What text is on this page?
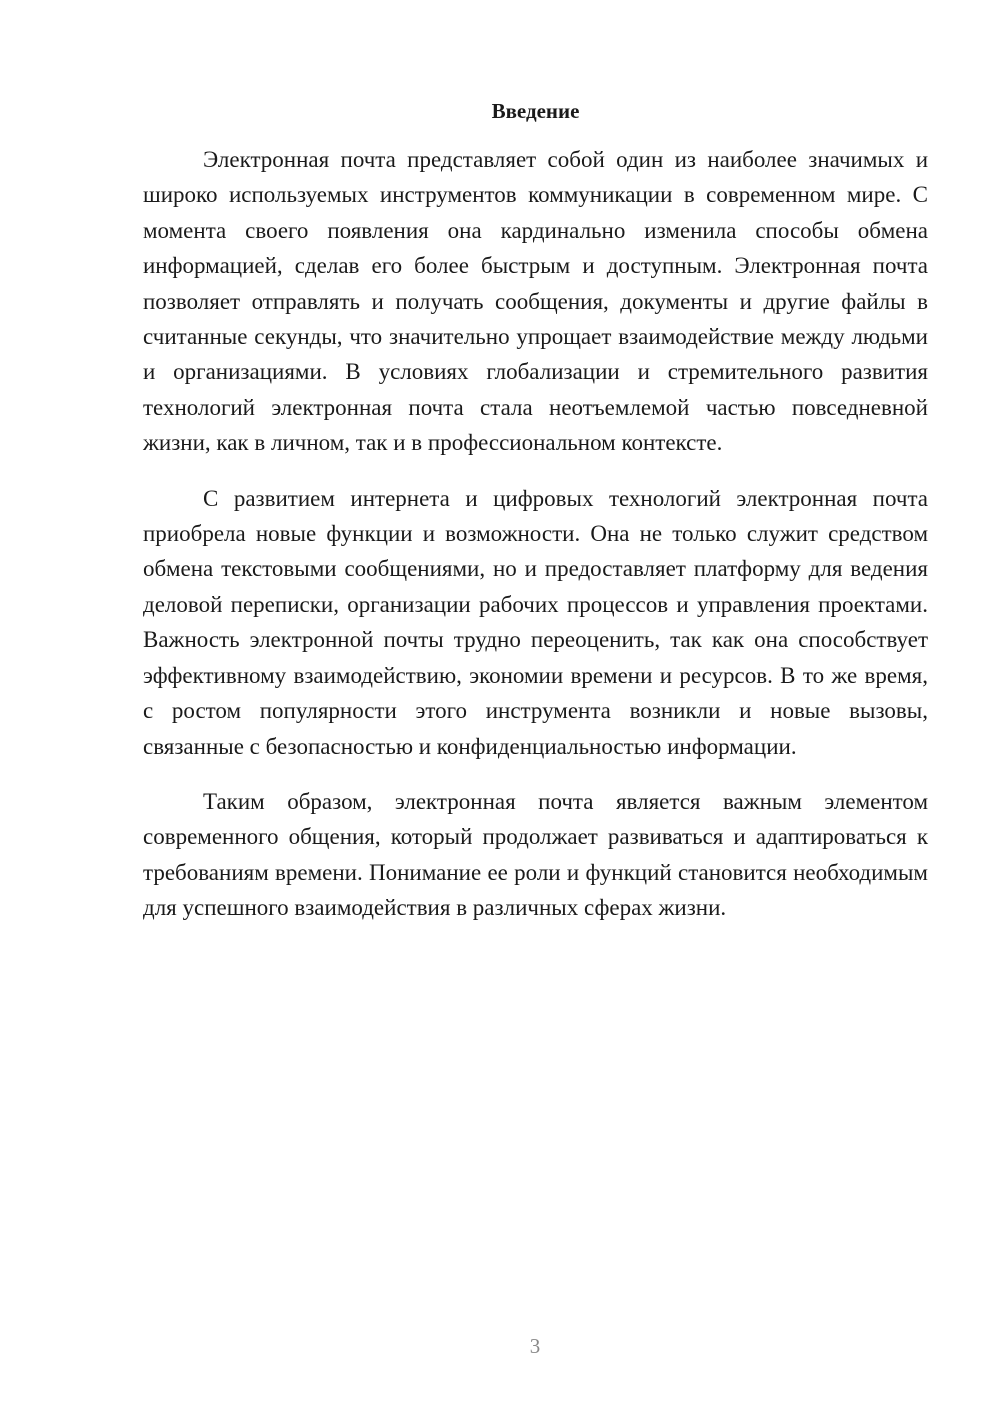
Введение

Электронная почта представляет собой один из наиболее значимых и широко используемых инструментов коммуникации в современном мире. С момента своего появления она кардинально изменила способы обмена информацией, сделав его более быстрым и доступным. Электронная почта позволяет отправлять и получать сообщения, документы и другие файлы в считанные секунды, что значительно упрощает взаимодействие между людьми и организациями. В условиях глобализации и стремительного развития технологий электронная почта стала неотъемлемой частью повседневной жизни, как в личном, так и в профессиональном контексте.

С развитием интернета и цифровых технологий электронная почта приобрела новые функции и возможности. Она не только служит средством обмена текстовыми сообщениями, но и предоставляет платформу для ведения деловой переписки, организации рабочих процессов и управления проектами. Важность электронной почты трудно переоценить, так как она способствует эффективному взаимодействию, экономии времени и ресурсов. В то же время, с ростом популярности этого инструмента возникли и новые вызовы, связанные с безопасностью и конфиденциальностью информации.

Таким образом, электронная почта является важным элементом современного общения, который продолжает развиваться и адаптироваться к требованиям времени. Понимание ее роли и функций становится необходимым для успешного взаимодействия в различных сферах жизни.

3
